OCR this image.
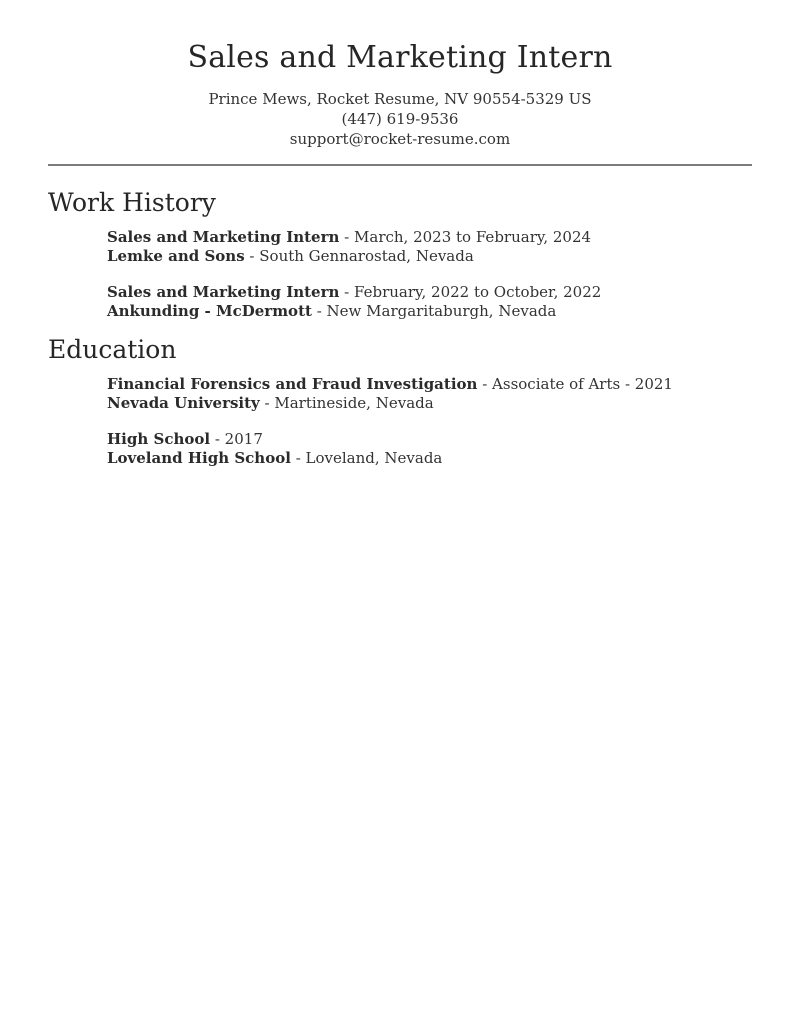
Sales and Marketing Intern
Prince Mews, Rocket Resume, NV 90554-5329 US
(447) 619-9536
support@rocket-resume.com
Work History
Sales and Marketing Intern - March, 2023 to February, 2024
Lemke and Sons - South Gennarostad, Nevada
Sales and Marketing Intern - February, 2022 to October, 2022
Ankunding - McDermott - New Margaritaburgh, Nevada
Education
Financial Forensics and Fraud Investigation - Associate of Arts - 2021
Nevada University - Martineside, Nevada
High School - 2017
Loveland High School - Loveland, Nevada
